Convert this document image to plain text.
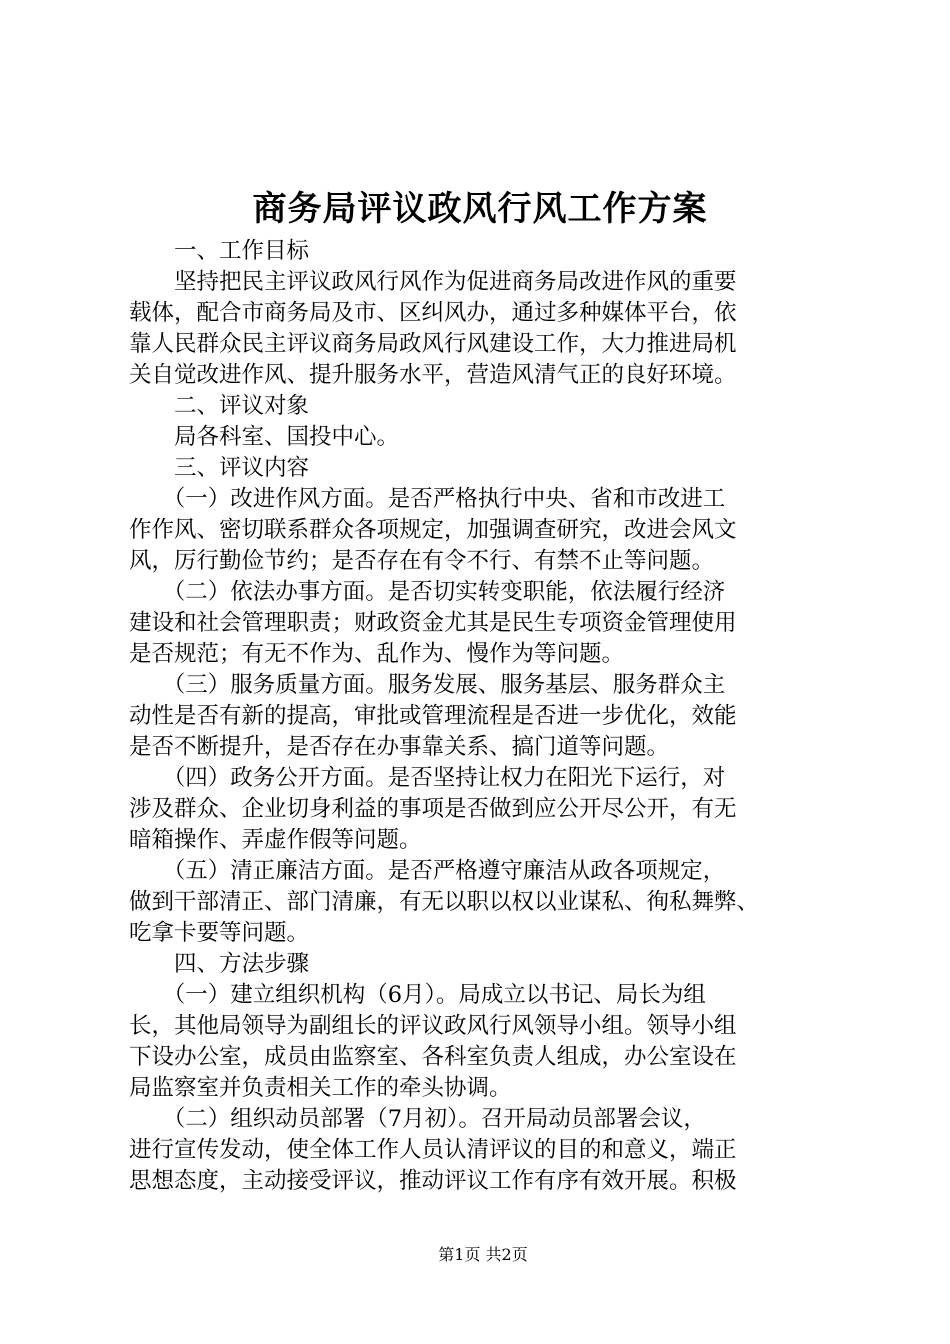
商务局评议政风行风工作方案
　　一、工作目标
　　坚持把民主评议政风行风作为促进商务局改进作风的重要
载体，配合市商务局及市、区纠风办，通过多种媒体平台，依
靠人民群众民主评议商务局政风行风建设工作，大力推进局机
关自觉改进作风、提升服务水平，营造风清气正的良好环境。
　　二、评议对象
　　局各科室、国投中心。
　　三、评议内容
　　（一）改进作风方面。是否严格执行中央、省和市改进工
作作风、密切联系群众各项规定，加强调查研究，改进会风文
风，厉行勤俭节约；是否存在有令不行、有禁不止等问题。
　　（二）依法办事方面。是否切实转变职能，依法履行经济
建设和社会管理职责；财政资金尤其是民生专项资金管理使用
是否规范；有无不作为、乱作为、慢作为等问题。
　　（三）服务质量方面。服务发展、服务基层、服务群众主
动性是否有新的提高，审批或管理流程是否进一步优化，效能
是否不断提升，是否存在办事靠关系、搞门道等问题。
　　（四）政务公开方面。是否坚持让权力在阳光下运行，对
涉及群众、企业切身利益的事项是否做到应公开尽公开，有无
暗箱操作、弄虚作假等问题。
　　（五）清正廉洁方面。是否严格遵守廉洁从政各项规定，
做到干部清正、部门清廉，有无以职以权以业谋私、徇私舞弊、
吃拿卡要等问题。
　　四、方法步骤
　　（一）建立组织机构（6月）。局成立以书记、局长为组
长，其他局领导为副组长的评议政风行风领导小组。领导小组
下设办公室，成员由监察室、各科室负责人组成，办公室设在
局监察室并负责相关工作的牵头协调。
　　（二）组织动员部署（7月初）。召开局动员部署会议，
进行宣传发动，使全体工作人员认清评议的目的和意义，端正
思想态度，主动接受评议，推动评议工作有序有效开展。积极
第1页 共2页
